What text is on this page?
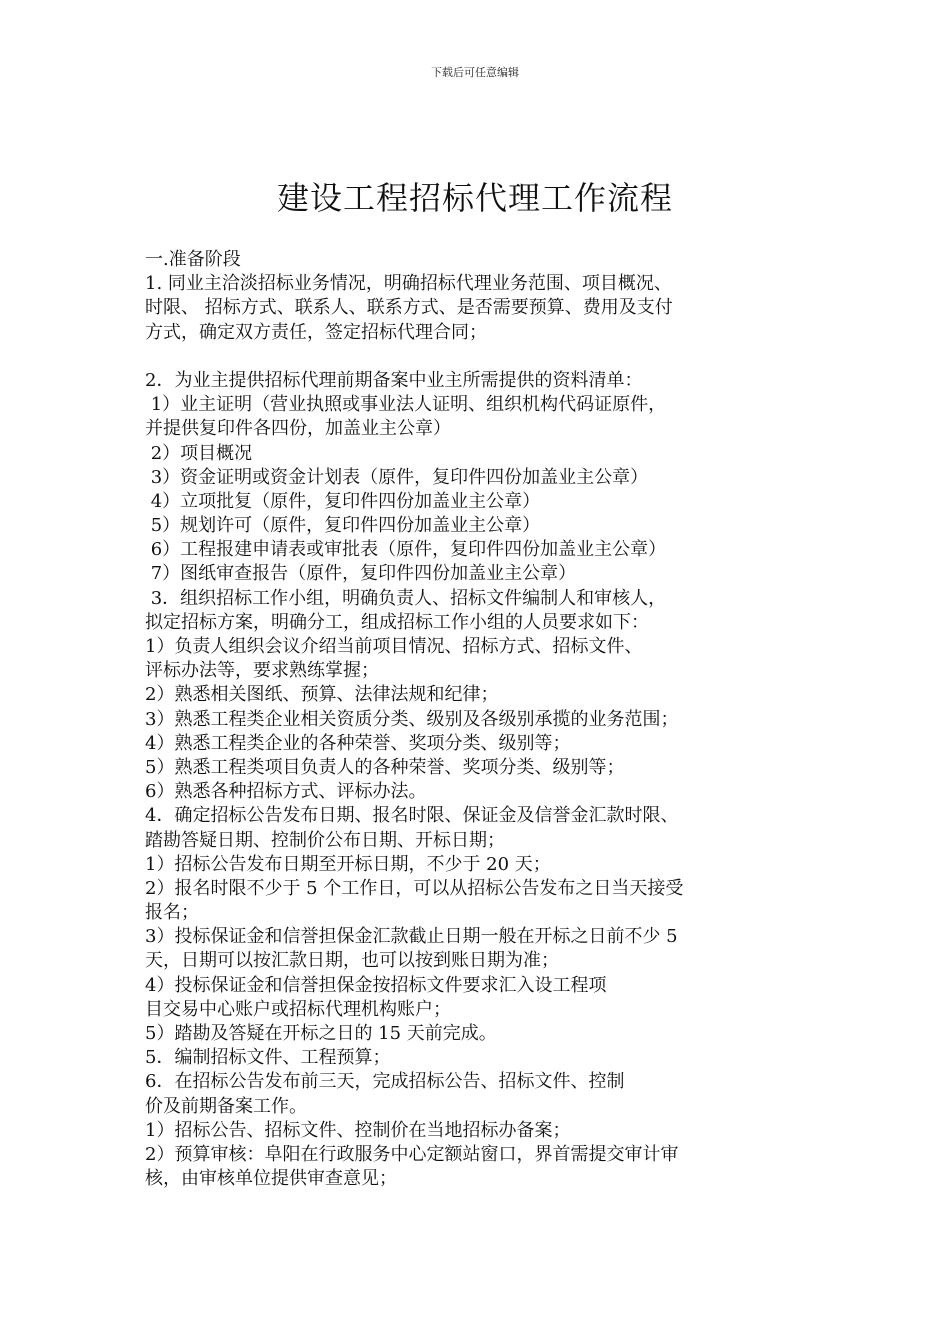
下载后可任意编辑
建设工程招标代理工作流程
一.准备阶段
1. 同业主洽淡招标业务情况，明确招标代理业务范围、项目概况、
时限、 招标方式、联系人、联系方式、是否需要预算、费用及支付
方式，确定双方责任，签定招标代理合同；
2．为业主提供招标代理前期备案中业主所需提供的资料清单：
1）业主证明（营业执照或事业法人证明、组织机构代码证原件，
并提供复印件各四份，加盖业主公章）
2）项目概况
3）资金证明或资金计划表（原件，复印件四份加盖业主公章）
4）立项批复（原件，复印件四份加盖业主公章）
5）规划许可（原件，复印件四份加盖业主公章）
6）工程报建申请表或审批表（原件，复印件四份加盖业主公章）
7）图纸审查报告（原件，复印件四份加盖业主公章）
3．组织招标工作小组，明确负责人、招标文件编制人和审核人，
拟定招标方案，明确分工，组成招标工作小组的人员要求如下：
1）负责人组织会议介绍当前项目情况、招标方式、招标文件、
评标办法等，要求熟练掌握；
2）熟悉相关图纸、预算、法律法规和纪律；
3）熟悉工程类企业相关资质分类、级别及各级别承揽的业务范围；
4）熟悉工程类企业的各种荣誉、奖项分类、级别等；
5）熟悉工程类项目负责人的各种荣誉、奖项分类、级别等；
6）熟悉各种招标方式、评标办法。
4．确定招标公告发布日期、报名时限、保证金及信誉金汇款时限、
踏勘答疑日期、控制价公布日期、开标日期；
1）招标公告发布日期至开标日期，不少于 20 天；
2）报名时限不少于 5 个工作日，可以从招标公告发布之日当天接受
报名；
3）投标保证金和信誉担保金汇款截止日期一般在开标之日前不少 5
天，日期可以按汇款日期，也可以按到账日期为准；
4）投标保证金和信誉担保金按招标文件要求汇入设工程项
目交易中心账户或招标代理机构账户；
5）踏勘及答疑在开标之日的 15 天前完成。
5．编制招标文件、工程预算；
6．在招标公告发布前三天，完成招标公告、招标文件、控制
价及前期备案工作。
1）招标公告、招标文件、控制价在当地招标办备案；
2）预算审核：阜阳在行政服务中心定额站窗口，界首需提交审计审
核，由审核单位提供审查意见；
